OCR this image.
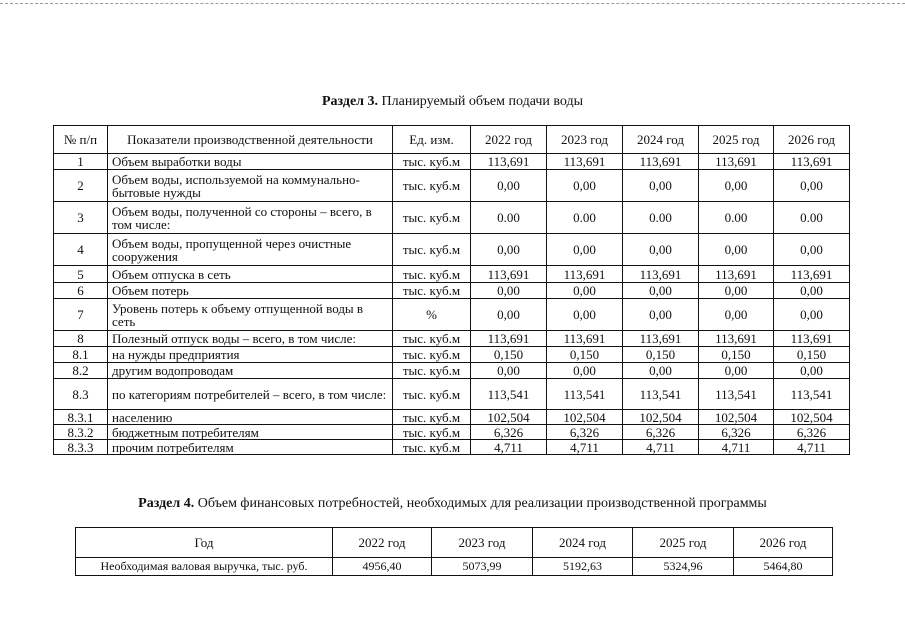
Раздел 3. Планируемый объем подачи воды
№ п/п	Показатели производственной деятельности	Ед. изм.	2022 год	2023 год	2024 год	2025 год	2026 год
1	Объем выработки воды	тыс. куб.м	113,691	113,691	113,691	113,691	113,691
2	Объем воды, используемой на коммунально-бытовые нужды	тыс. куб.м	0,00	0,00	0,00	0,00	0,00
3	Объем воды, полученной со стороны – всего, в том числе:	тыс. куб.м	0.00	0.00	0.00	0.00	0.00
4	Объем воды, пропущенной через очистные сооружения	тыс. куб.м	0,00	0,00	0,00	0,00	0,00
5	Объем отпуска в сеть	тыс. куб.м	113,691	113,691	113,691	113,691	113,691
6	Объем потерь	тыс. куб.м	0,00	0,00	0,00	0,00	0,00
7	Уровень потерь к объему отпущенной воды в сеть	%	0,00	0,00	0,00	0,00	0,00
8	Полезный отпуск воды – всего, в том числе:	тыс. куб.м	113,691	113,691	113,691	113,691	113,691
8.1	на нужды предприятия	тыс. куб.м	0,150	0,150	0,150	0,150	0,150
8.2	другим водопроводам	тыс. куб.м	0,00	0,00	0,00	0,00	0,00
8.3	по категориям потребителей – всего, в том числе:	тыс. куб.м	113,541	113,541	113,541	113,541	113,541
8.3.1	населению	тыс. куб.м	102,504	102,504	102,504	102,504	102,504
8.3.2	бюджетным потребителям	тыс. куб.м	6,326	6,326	6,326	6,326	6,326
8.3.3	прочим потребителям	тыс. куб.м	4,711	4,711	4,711	4,711	4,711
Раздел 4. Объем финансовых потребностей, необходимых для реализации производственной программы
Год	2022 год	2023 год	2024 год	2025 год	2026 год
Необходимая валовая выручка, тыс. руб.	4956,40	5073,99	5192,63	5324,96	5464,80
